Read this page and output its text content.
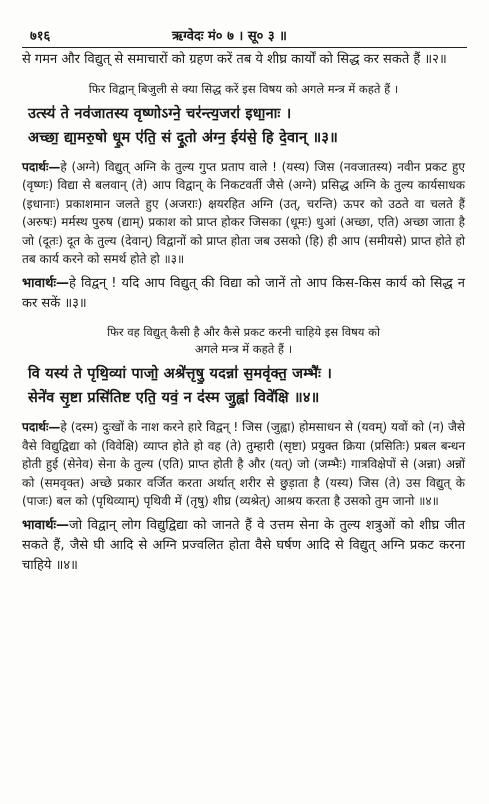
७१६	ऋग्वेदः मं० ७ । सू० ३ ॥

से गमन और विद्युत् से समाचारों को ग्रहण करें तब ये शीघ्र कार्यों को सिद्ध कर सकते हैं ॥२॥

फिर विद्वान् बिजुली से क्या सिद्ध करें इस विषय को अगले मन्त्र में कहते हैं ।

उत्स्य॑ ते नव॑जातस्य वृष्णोऽग्ने॒ चर॑न्त्य॒जरा॑ इधा॒नाः ।

अच्छा॒ द्या॒मरु॒षो धू॒म ए॑ति॒ सं दू॒तो अ॑ग्न॒ ईय॑से॒ हि दे॒वान् ॥३॥

पदार्थः—हे (अग्ने) विद्युत् अग्नि के तुल्य गुप्त प्रताप वाले ! (यस्य) जिस (नवजातस्य) नवीन प्रकट हुए (वृष्णः) विद्या से बलवान् (ते) आप विद्वान् के निकटवर्ती जैसे (अग्ने) प्रसिद्ध अग्नि के तुल्य कार्यसाधक (इधानाः) प्रकाशमान जलते हुए (अजराः) क्षयरहित अग्नि (उत्, चरन्ति) ऊपर को उठते वा चलते हैं (अरुषः) मर्मस्थ पुरुष (द्याम्) प्रकाश को प्राप्त होकर जिसका (धूमः) धुआं (अच्छा, एति) अच्छा जाता है जो (दूतः) दूत के तुल्य (देवान्) विद्वानों को प्राप्त होता जब उसको (हि) ही आप (समीयसे) प्राप्त होते हो तब कार्य करने को समर्थ होते हो ॥३॥

भावार्थः—हे विद्वन् ! यदि आप विद्युत् की विद्या को जानें तो आप किस-किस कार्य को सिद्ध न कर सकें ॥३॥

फिर वह विद्युत् कैसी है और कैसे प्रकट करनी चाहिये इस विषय को

अगले मन्त्र में कहते हैं ।

वि यस्य॑ ते पृथि॒व्यां पाजो॒ अश्रे॑त्तृषु॒ यदन्ना॑ स॒मवृ॑क्त॒ जम्भैः॑ ।

सेने॑व सृ॒ष्टा प्रसि॑तिष्ट एति॒ यवं॒ न द॑स्म जु॒ह्वा॑ विवे॑क्षि ॥४॥

पदार्थः—हे (दस्म) दुःखों के नाश करने हारे विद्वन् ! जिस (जुह्वा) होमसाधन से (यवम्) यवों को (न) जैसे वैसे विद्युद्विद्या को (विवेक्षि) व्याप्त होते हो वह (ते) तुम्हारी (सृष्टा) प्रयुक्त क्रिया (प्रसितिः) प्रबल बन्धन होती हुई (सेनेव) सेना के तुल्य (एति) प्राप्त होती है और (यत्) जो (जम्भैः) गात्रविक्षेपों से (अन्ना) अन्नों को (समवृक्त) अच्छे प्रकार वर्जित करता अर्थात् शरीर से छुड़ाता है (यस्य) जिस (ते) उस विद्युत् के (पाजः) बल को (पृथिव्याम्) पृथिवी में (तृषु) शीघ्र (व्यश्रेत्) आश्रय करता है उसको तुम जानो ॥४॥

भावार्थः—जो विद्वान् लोग विद्युद्विद्या को जानते हैं वे उत्तम सेना के तुल्य शत्रुओं को शीघ्र जीत सकते हैं, जैसे घी आदि से अग्नि प्रज्वलित होता वैसे घर्षण आदि से विद्युत् अग्नि प्रकट करना चाहिये ॥४॥
